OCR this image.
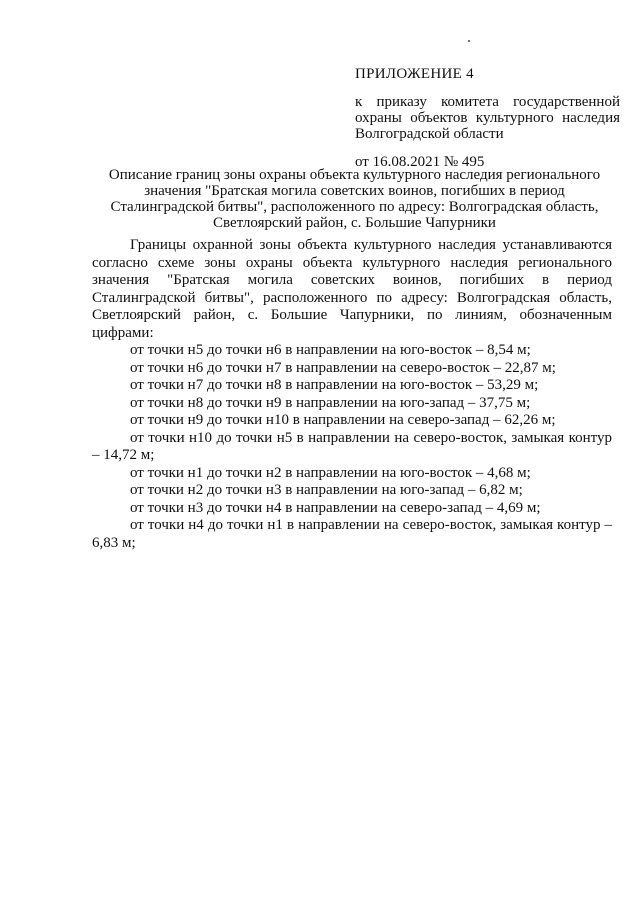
ПРИЛОЖЕНИЕ 4

к приказу комитета государственной охраны объектов культурного наследия Волгоградской области

от 16.08.2021 № 495

Описание границ зоны охраны объекта культурного наследия регионального значения "Братская могила советских воинов, погибших в период Сталинградской битвы", расположенного по адресу: Волгоградская область, Светлоярский район, с. Большие Чапурники

Границы охранной зоны объекта культурного наследия устанавливаются согласно схеме зоны охраны объекта культурного наследия регионального значения "Братская могила советских воинов, погибших в период Сталинградской битвы", расположенного по адресу: Волгоградская область, Светлоярский район, с. Большие Чапурники, по линиям, обозначенным цифрами:

от точки н5 до точки н6 в направлении на юго-восток – 8,54 м;
от точки н6 до точки н7 в направлении на северо-восток – 22,87 м;
от точки н7 до точки н8 в направлении на юго-восток – 53,29 м;
от точки н8 до точки н9 в направлении на юго-запад – 37,75 м;
от точки н9 до точки н10 в направлении на северо-запад – 62,26 м;
от точки н10 до точки н5 в направлении на северо-восток, замыкая контур – 14,72 м;
от точки н1 до точки н2 в направлении на юго-восток – 4,68 м;
от точки н2 до точки н3 в направлении на юго-запад – 6,82 м;
от точки н3 до точки н4 в направлении на северо-запад – 4,69 м;
от точки н4 до точки н1 в направлении на северо-восток, замыкая контур – 6,83 м;
